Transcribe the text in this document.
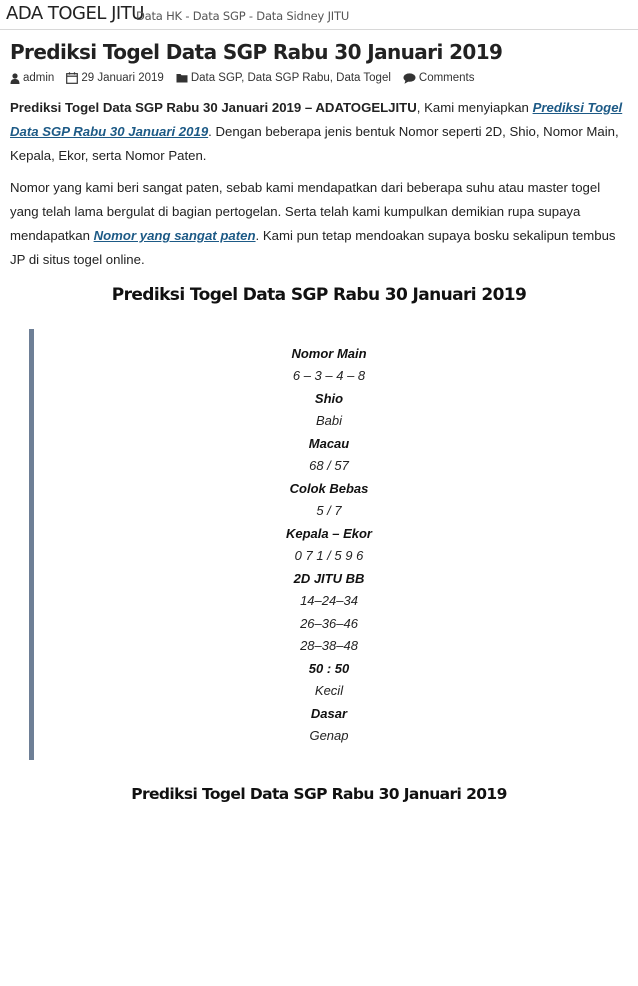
ADA TOGEL JITU
Data HK - Data SGP - Data Sidney JITU
Prediksi Togel Data SGP Rabu 30 Januari 2019
admin 29 Januari 2019 Data SGP, Data SGP Rabu, Data Togel Comments

Prediksi Togel Data SGP Rabu 30 Januari 2019 – ADATOGELJITU, Kami menyiapkan Prediksi Togel Data SGP Rabu 30 Januari 2019. Dengan beberapa jenis bentuk Nomor seperti 2D, Shio, Nomor Main, Kepala, Ekor, serta Nomor Paten.

Nomor yang kami beri sangat paten, sebab kami mendapatkan dari beberapa suhu atau master togel yang telah lama bergulat di bagian pertogelan. Serta telah kami kumpulkan demikian rupa supaya mendapatkan Nomor yang sangat paten. Kami pun tetap mendoakan supaya bosku sekalipun tembus JP di situs togel online.

Prediksi Togel Data SGP Rabu 30 Januari 2019
Nomor Main
6 – 3 – 4 – 8
Shio
Babi
Macau
68 / 57
Colok Bebas
5 / 7
Kepala – Ekor
0 7 1 / 5 9 6
2D JITU BB
14–24–34
26–36–46
28–38–48
50 : 50
Kecil
Dasar
Genap
Prediksi Togel Data SGP Rabu 30 Januari 2019
